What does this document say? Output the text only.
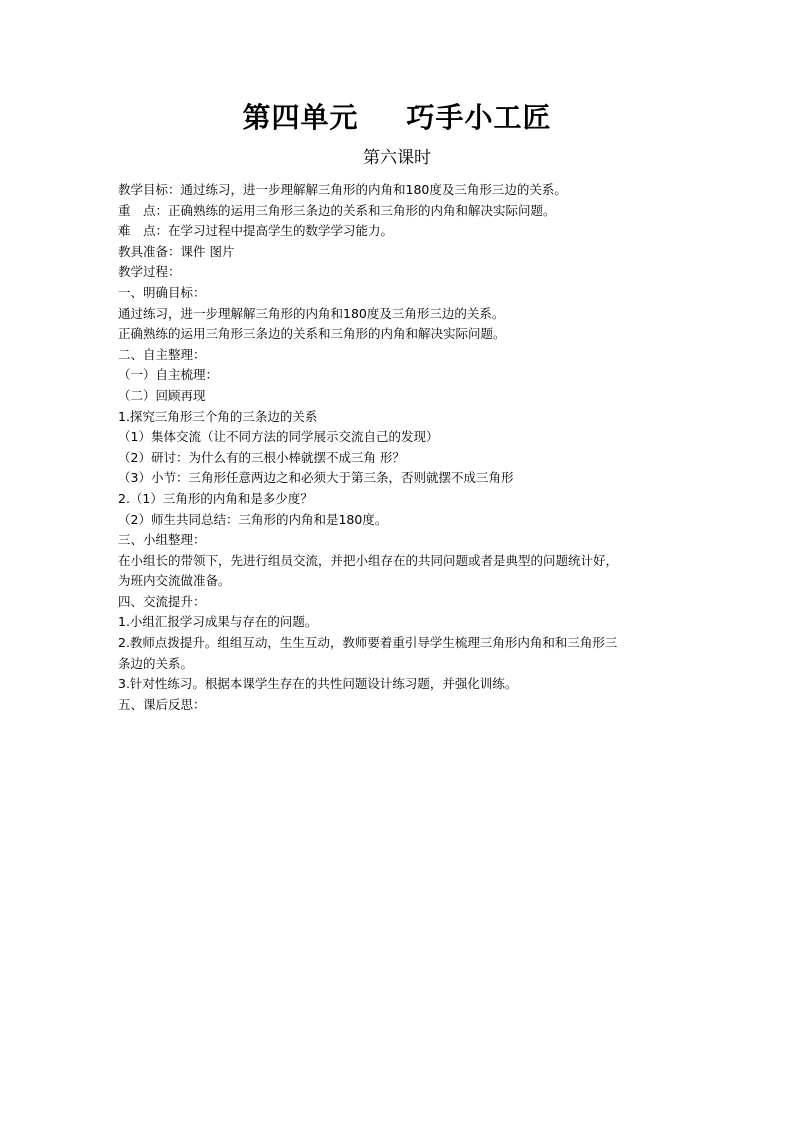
第四单元 巧手小工匠
第六课时

教学目标：通过练习，进一步理解解三角形的内角和180度及三角形三边的关系。

重　点：正确熟练的运用三角形三条边的关系和三角形的内角和解决实际问题。

难　点：在学习过程中提高学生的数学学习能力。

教具准备：课件 图片

教学过程：

一、明确目标：

通过练习，进一步理解解三角形的内角和180度及三角形三边的关系。

正确熟练的运用三角形三条边的关系和三角形的内角和解决实际问题。

二、自主整理：

（一）自主梳理：

（二）回顾再现

1.探究三角形三个角的三条边的关系

（1）集体交流（让不同方法的同学展示交流自己的发现）

（2）研讨：为什么有的三根小棒就摆不成三角 形？

（3）小节：三角形任意两边之和必须大于第三条，否则就摆不成三角形

2.（1）三角形的内角和是多少度？

（2）师生共同总结：三角形的内角和是180度。

三、小组整理：

在小组长的带领下，先进行组员交流，并把小组存在的共同问题或者是典型的问题统计好，

为班内交流做准备。

四、交流提升：

1.小组汇报学习成果与存在的问题。

2.教师点拨提升。组组互动，生生互动，教师要着重引导学生梳理三角形内角和和三角形三

条边的关系。

3.针对性练习。根据本课学生存在的共性问题设计练习题，并强化训练。

五、课后反思：
